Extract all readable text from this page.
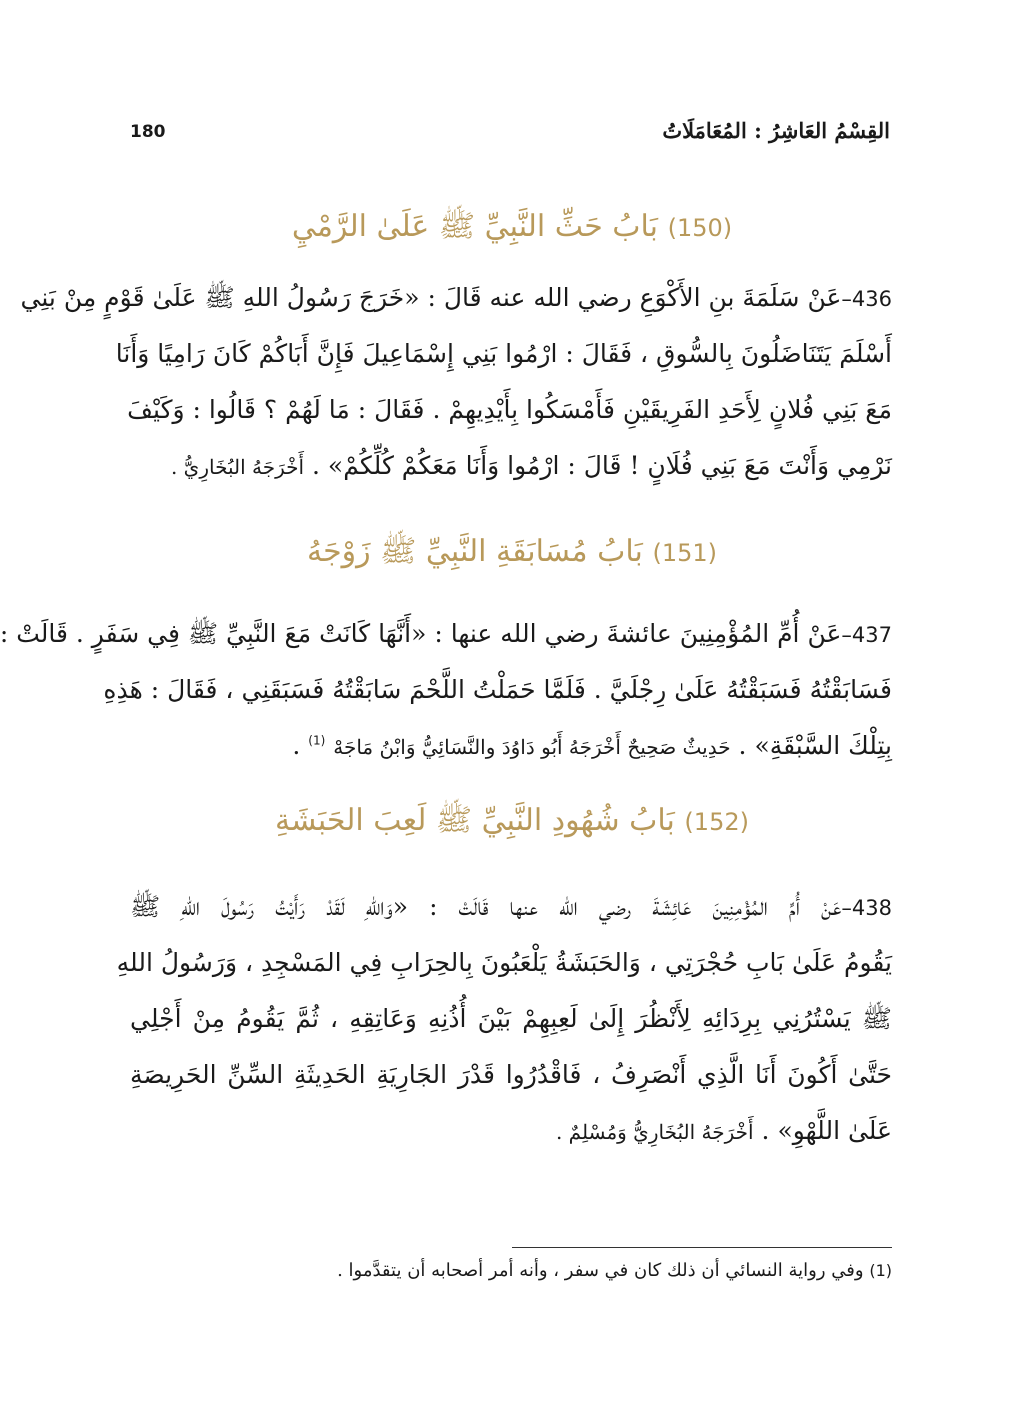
القِسْمُ العَاشِرُ : المُعَامَلَاتُ
180
(150) بَابُ حَثِّ النَّبِيِّ ﷺ عَلَىٰ الرَّمْيِ
436–عَنْ سَلَمَةَ بنِ الأَكْوَعِ رضي الله عنه قَالَ : «خَرَجَ رَسُولُ اللهِ ﷺ عَلَىٰ قَوْمٍ مِنْ بَنِي
أَسْلَمَ يَتَنَاضَلُونَ بِالسُّوقِ ، فَقَالَ : ارْمُوا بَنِي إِسْمَاعِيلَ فَإِنَّ أَبَاكُمْ كَانَ رَامِيًا وَأَنَا
مَعَ بَنِي فُلانٍ لِأَحَدِ الفَرِيقَيْنِ فَأَمْسَكُوا بِأَيْدِيهِمْ . فَقَالَ : مَا لَهُمْ ؟ قَالُوا : وَكَيْفَ
نَرْمِي وَأَنْتَ مَعَ بَنِي فُلَانٍ ! قَالَ : ارْمُوا وَأَنَا مَعَكُمْ كُلِّكُمْ» . أَخْرَجَهُ البُخَارِيُّ .
(151) بَابُ مُسَابَقَةِ النَّبِيِّ ﷺ زَوْجَهُ
437–عَنْ أُمِّ المُؤْمِنِينَ عائشةَ رضي الله عنها : «أَنَّهَا كَانَتْ مَعَ النَّبِيِّ ﷺ فِي سَفَرٍ . قَالَتْ :
فَسَابَقْتُهُ فَسَبَقْتُهُ عَلَىٰ رِجْلَيَّ . فَلَمَّا حَمَلْتُ اللَّحْمَ سَابَقْتُهُ فَسَبَقَنِي ، فَقَالَ : هَذِهِ
بِتِلْكَ السَّبْقَةِ» . حَدِيثٌ صَحِيحٌ أَخْرَجَهُ أَبُو دَاوُدَ والنَّسَائِيُّ وَابْنُ مَاجَهْ $^{(1)}$ .
(152) بَابُ شُهُودِ النَّبِيِّ ﷺ لَعِبَ الحَبَشَةِ
438–عَنْ أُمِّ المُؤْمِنِينَ عَائِشَةَ رضي الله عنها قَالَتْ : «وَاللهِ لَقَدْ رَأَيْتُ رَسُولَ اللهِ ﷺ
يَقُومُ عَلَىٰ بَابِ حُجْرَتِي ، وَالحَبَشَةُ يَلْعَبُونَ بِالحِرَابِ فِي المَسْجِدِ ، وَرَسُولُ اللهِ
ﷺ يَسْتُرُنِي بِرِدَائِهِ لِأَنْظُرَ إِلَىٰ لَعِبِهِمْ بَيْنَ أُذُنِهِ وَعَاتِقِهِ ، ثُمَّ يَقُومُ مِنْ أَجْلِي
حَتَّىٰ أَكُونَ أَنَا الَّذِي أَنْصَرِفُ ، فَاقْدُرُوا قَدْرَ الجَارِيَةِ الحَدِيثَةِ السِّنِّ الحَرِيصَةِ
عَلَىٰ اللَّهْوِ» . أَخْرَجَهُ البُخَارِيُّ وَمُسْلِمٌ .
(1) وفي رواية النسائي أن ذلك كان في سفر ، وأنه أمر أصحابه أن يتقدَّموا .
